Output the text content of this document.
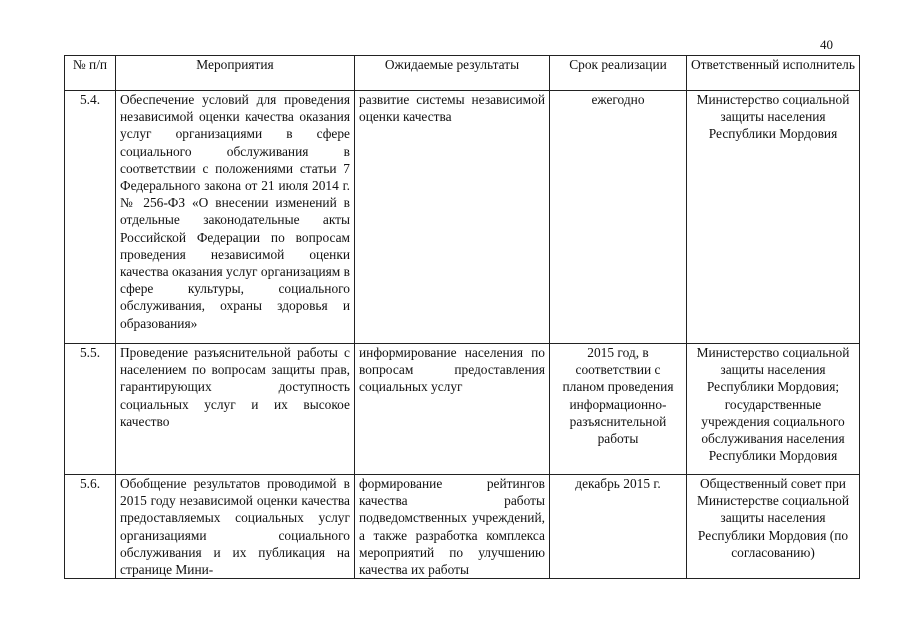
40
№ п/п	Мероприятия	Ожидаемые результаты	Срок реализации	Ответственный исполнитель
5.4.	Обеспечение условий для проведения независимой оценки качества оказания услуг организациями в сфере социального обслуживания в соответствии с положениями статьи 7 Федерального закона от 21 июля 2014 г. № 256-ФЗ «О внесении изменений в отдельные законодательные акты Российской Федерации по вопросам проведения независимой оценки качества оказания услуг организациям в сфере культуры, социального обслуживания, охраны здоровья и образования»	развитие системы независимой оценки качества	ежегодно	Министерство социальной защиты населения Республики Мордовия
5.5.	Проведение разъяснительной работы с населением по вопросам защиты прав, гарантирующих доступность социальных услуг и их высокое качество	информирование населения по вопросам предоставления социальных услуг	2015 год, в соответствии с планом проведения информационно-разъяснительной работы	Министерство социальной защиты населения Республики Мордовия; государственные учреждения социального обслуживания населения Республики Мордовия
5.6.	Обобщение результатов проводимой в 2015 году независимой оценки качества предоставляемых социальных услуг организациями социального обслуживания и их публикация на странице Мини-	формирование рейтингов качества работы подведомственных учреждений, а также разработка комплекса мероприятий по улучшению качества их работы	декабрь 2015 г.	Общественный совет при Министерстве социальной защиты населения Республики Мордовия (по согласованию)
